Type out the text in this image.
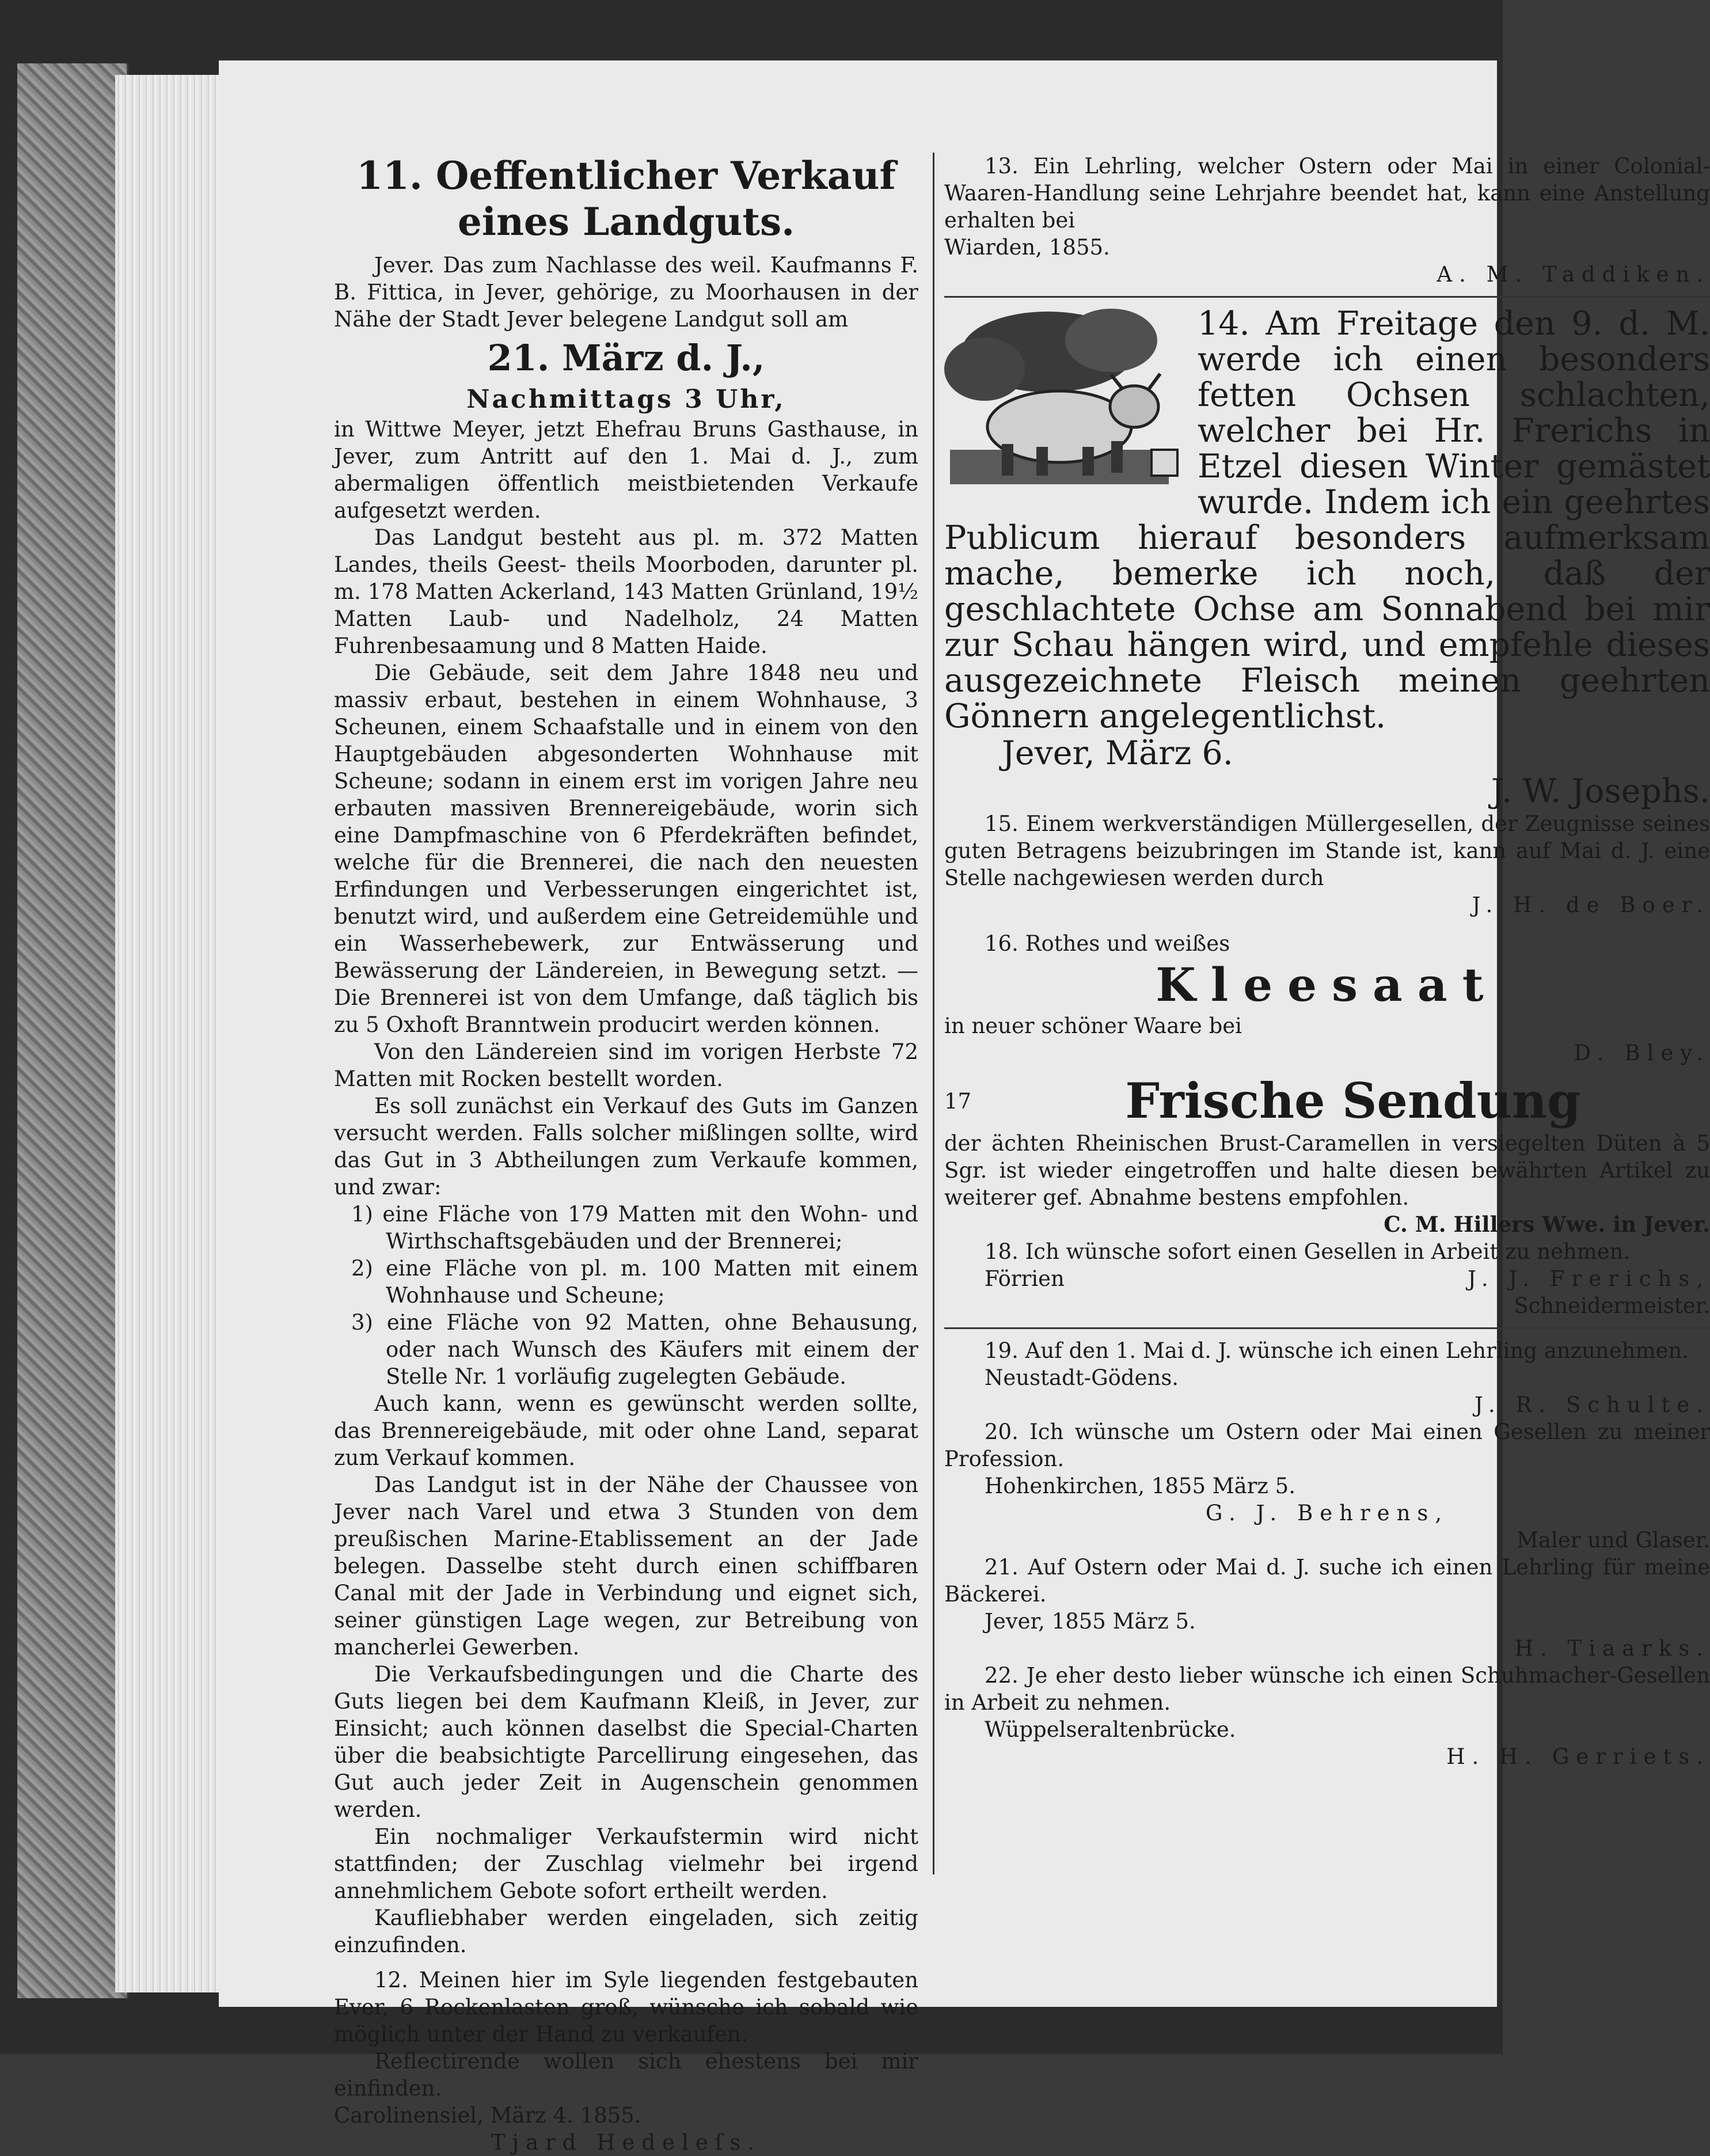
11. Oeffentlicher Verkauf eines Landguts.

Jever. Das zum Nachlasse des weil. Kaufmanns F. B. Fittica, in Jever, gehörige, zu Moorhausen in der Nähe der Stadt Jever belegene Landgut soll am

21. März d. J.,

Nachmittags 3 Uhr,

in Wittwe Meyer, jetzt Ehefrau Bruns Gasthause, in Jever, zum Antritt auf den 1. Mai d. J., zum abermaligen öffentlich meistbietenden Verkaufe aufgesetzt werden.

Das Landgut besteht aus pl. m. 372 Matten Landes, theils Geest- theils Moorboden, darunter pl. m. 178 Matten Ackerland, 143 Matten Grünland, 19½ Matten Laub- und Nadelholz, 24 Matten Fuhrenbesaamung und 8 Matten Haide.

Die Gebäude, seit dem Jahre 1848 neu und massiv erbaut, bestehen in einem Wohnhause, 3 Scheunen, einem Schaafstalle und in einem von den Hauptgebäuden abgesonderten Wohnhause mit Scheune; sodann in einem erst im vorigen Jahre neu erbauten massiven Brennereigebäude, worin sich eine Dampfmaschine von 6 Pferdekräften befindet, welche für die Brennerei, die nach den neuesten Erfindungen und Verbesserungen eingerichtet ist, benutzt wird, und außerdem eine Getreidemühle und ein Wasserhebewerk, zur Entwässerung und Bewässerung der Ländereien, in Bewegung setzt. — Die Brennerei ist von dem Umfange, daß täglich bis zu 5 Oxhoft Branntwein producirt werden können.

Von den Ländereien sind im vorigen Herbste 72 Matten mit Rocken bestellt worden.

Es soll zunächst ein Verkauf des Guts im Ganzen versucht werden. Falls solcher mißlingen sollte, wird das Gut in 3 Abtheilungen zum Verkaufe kommen, und zwar:

1) eine Fläche von 179 Matten mit den Wohn- und Wirthschaftsgebäuden und der Brennerei;

2) eine Fläche von pl. m. 100 Matten mit einem Wohnhause und Scheune;

3) eine Fläche von 92 Matten, ohne Behausung, oder nach Wunsch des Käufers mit einem der Stelle Nr. 1 vorläufig zugelegten Gebäude.

Auch kann, wenn es gewünscht werden sollte, das Brennereigebäude, mit oder ohne Land, separat zum Verkauf kommen.

Das Landgut ist in der Nähe der Chaussee von Jever nach Varel und etwa 3 Stunden von dem preußischen Marine-Etablissement an der Jade belegen. Dasselbe steht durch einen schiffbaren Canal mit der Jade in Verbindung und eignet sich, seiner günstigen Lage wegen, zur Betreibung von mancherlei Gewerben.

Die Verkaufsbedingungen und die Charte des Guts liegen bei dem Kaufmann Kleiß, in Jever, zur Einsicht; auch können daselbst die Special-Charten über die beabsichtigte Parcellirung eingesehen, das Gut auch jeder Zeit in Augenschein genommen werden.

Ein nochmaliger Verkaufstermin wird nicht stattfinden; der Zuschlag vielmehr bei irgend annehmlichem Gebote sofort ertheilt werden.

Kaufliebhaber werden eingeladen, sich zeitig einzufinden.

12. Meinen hier im Syle liegenden festgebauten Ever, 6 Rockenlasten groß, wünsche ich sobald wie möglich unter der Hand zu verkaufen.

Reflectirende wollen sich ehestens bei mir einfinden.

Carolinensiel, März 4. 1855.

Tjard Hedeleſs.

13. Ein Lehrling, welcher Ostern oder Mai in einer Colonial-Waaren-Handlung seine Lehrjahre beendet hat, kann eine Anstellung erhalten bei

Wiarden, 1855.

A. M. Taddiken.

14. Am Freitage den 9. d. M. werde ich einen besonders fetten Ochsen schlachten, welcher bei Hr. Frerichs in Etzel diesen Winter gemästet wurde. Indem ich ein geehrtes Publicum hierauf besonders aufmerksam mache, bemerke ich noch, daß der geschlachtete Ochse am Sonnabend bei mir zur Schau hängen wird, und empfehle dieses ausgezeichnete Fleisch meinen geehrten Gönnern angelegentlichst.

Jever, März 6.

J. W. Josephs.

15. Einem werkverständigen Müllergesellen, der Zeugnisse seines guten Betragens beizubringen im Stande ist, kann auf Mai d. J. eine Stelle nachgewiesen werden durch

J. H. de Boer.

16. Rothes und weißes

Kleesaat

in neuer schöner Waare bei

D. Bley.

17	Frische Sendung

der ächten Rheinischen Brust-Caramellen in versiegelten Düten à 5 Sgr. ist wieder eingetroffen und halte diesen bewährten Artikel zu weiterer gef. Abnahme bestens empfohlen.

C. M. Hillers Wwe. in Jever.

18. Ich wünsche sofort einen Gesellen in Arbeit zu nehmen.

Förrien	J. J. Frerichs,

Schneidermeister.

19. Auf den 1. Mai d. J. wünsche ich einen Lehrling anzunehmen.

Neustadt-Gödens.

J. R. Schulte.

20. Ich wünsche um Ostern oder Mai einen Gesellen zu meiner Profession.

Hohenkirchen, 1855 März 5.

G. J. Behrens,

Maler und Glaser.

21. Auf Ostern oder Mai d. J. suche ich einen Lehrling für meine Bäckerei.

Jever, 1855 März 5.

H. Tiaarks.

22. Je eher desto lieber wünsche ich einen Schuhmacher-Gesellen in Arbeit zu nehmen.

Wüppelseraltenbrücke.

H. H. Gerriets.
